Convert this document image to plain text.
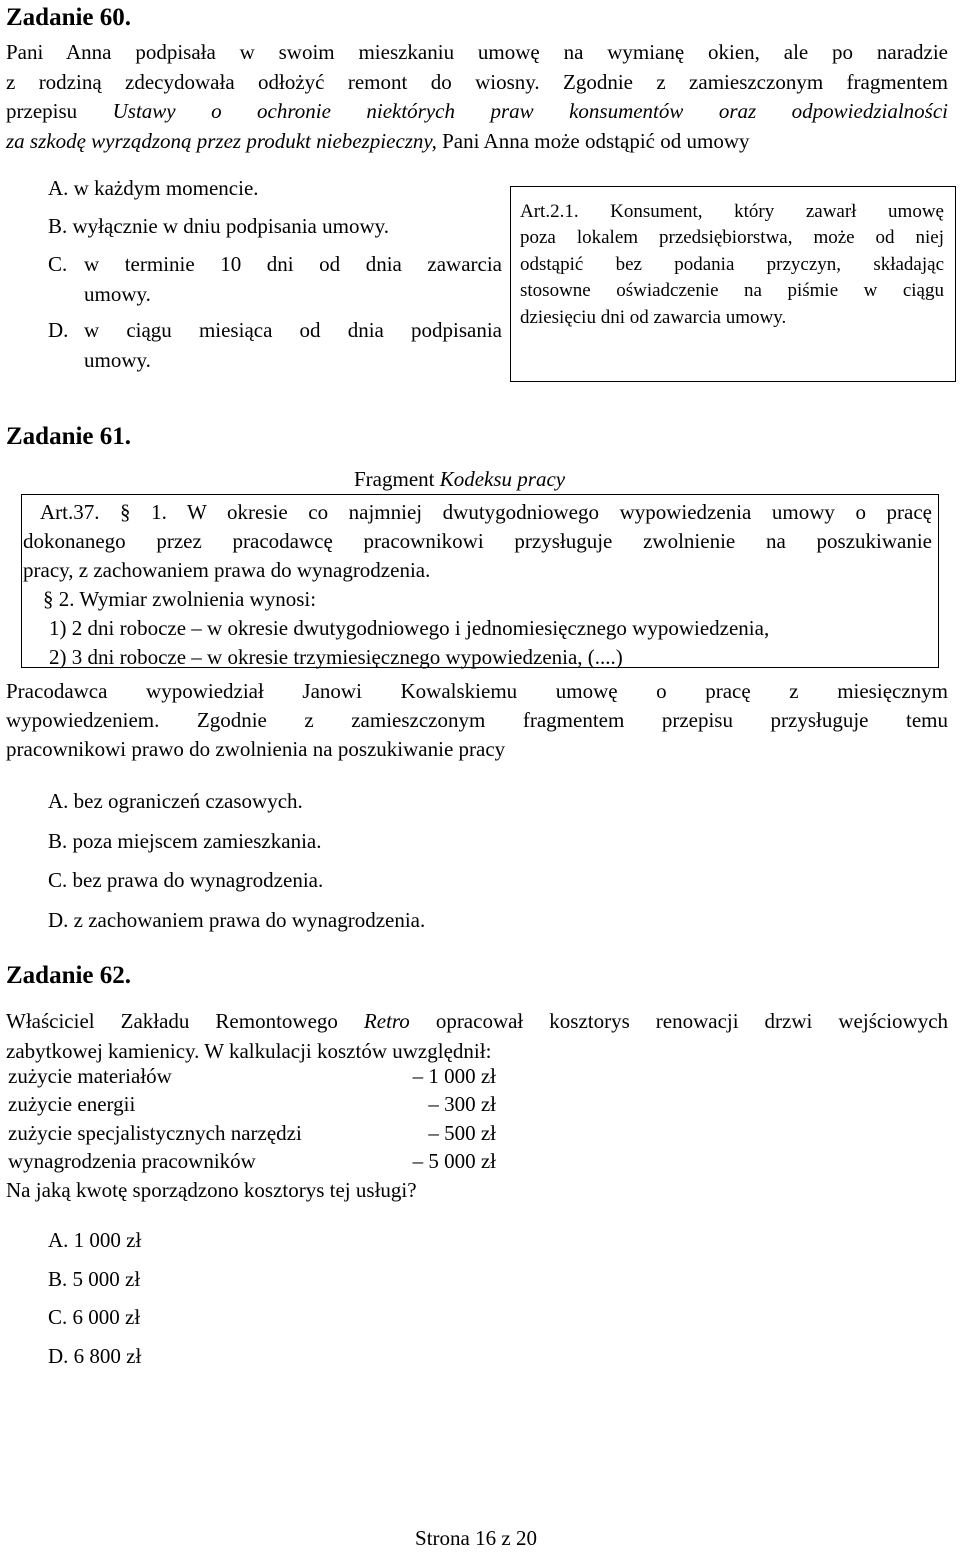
Zadanie 60.
Pani Anna podpisała w swoim mieszkaniu umowę na wymianę okien, ale po naradzie
z rodziną zdecydowała odłożyć remont do wiosny. Zgodnie z zamieszczonym fragmentem
przepisu Ustawy o ochronie niektórych praw konsumentów oraz odpowiedzialności
za szkodę wyrządzoną przez produkt niebezpieczny, Pani Anna może odstąpić od umowy
A. w każdym momencie.
B. wyłącznie w dniu podpisania umowy.
C. w terminie 10 dni od dnia zawarcia
umowy.
D. w ciągu miesiąca od dnia podpisania
umowy.
Art.2.1. Konsument, który zawarł umowę
poza lokalem przedsiębiorstwa, może od niej
odstąpić bez podania przyczyn, składając
stosowne oświadczenie na piśmie w ciągu
dziesięciu dni od zawarcia umowy.
Zadanie 61.
Fragment Kodeksu pracy
Art.37. § 1. W okresie co najmniej dwutygodniowego wypowiedzenia umowy o pracę
dokonanego przez pracodawcę pracownikowi przysługuje zwolnienie na poszukiwanie
pracy, z zachowaniem prawa do wynagrodzenia.
§ 2. Wymiar zwolnienia wynosi:
1) 2 dni robocze – w okresie dwutygodniowego i jednomiesięcznego wypowiedzenia,
2) 3 dni robocze – w okresie trzymiesięcznego wypowiedzenia, (....)
Pracodawca wypowiedział Janowi Kowalskiemu umowę o pracę z miesięcznym
wypowiedzeniem. Zgodnie z zamieszczonym fragmentem przepisu przysługuje temu
pracownikowi prawo do zwolnienia na poszukiwanie pracy
A. bez ograniczeń czasowych.
B. poza miejscem zamieszkania.
C. bez prawa do wynagrodzenia.
D. z zachowaniem prawa do wynagrodzenia.
Zadanie 62.
Właściciel Zakładu Remontowego Retro opracował kosztorys renowacji drzwi wejściowych
zabytkowej kamienicy. W kalkulacji kosztów uwzględnił:
zużycie materiałów	– 1 000 zł
zużycie energii	– 300 zł
zużycie specjalistycznych narzędzi	– 500 zł
wynagrodzenia pracowników	– 5 000 zł
Na jaką kwotę sporządzono kosztorys tej usługi?
A. 1 000 zł
B. 5 000 zł
C. 6 000 zł
D. 6 800 zł
Strona 16 z 20
